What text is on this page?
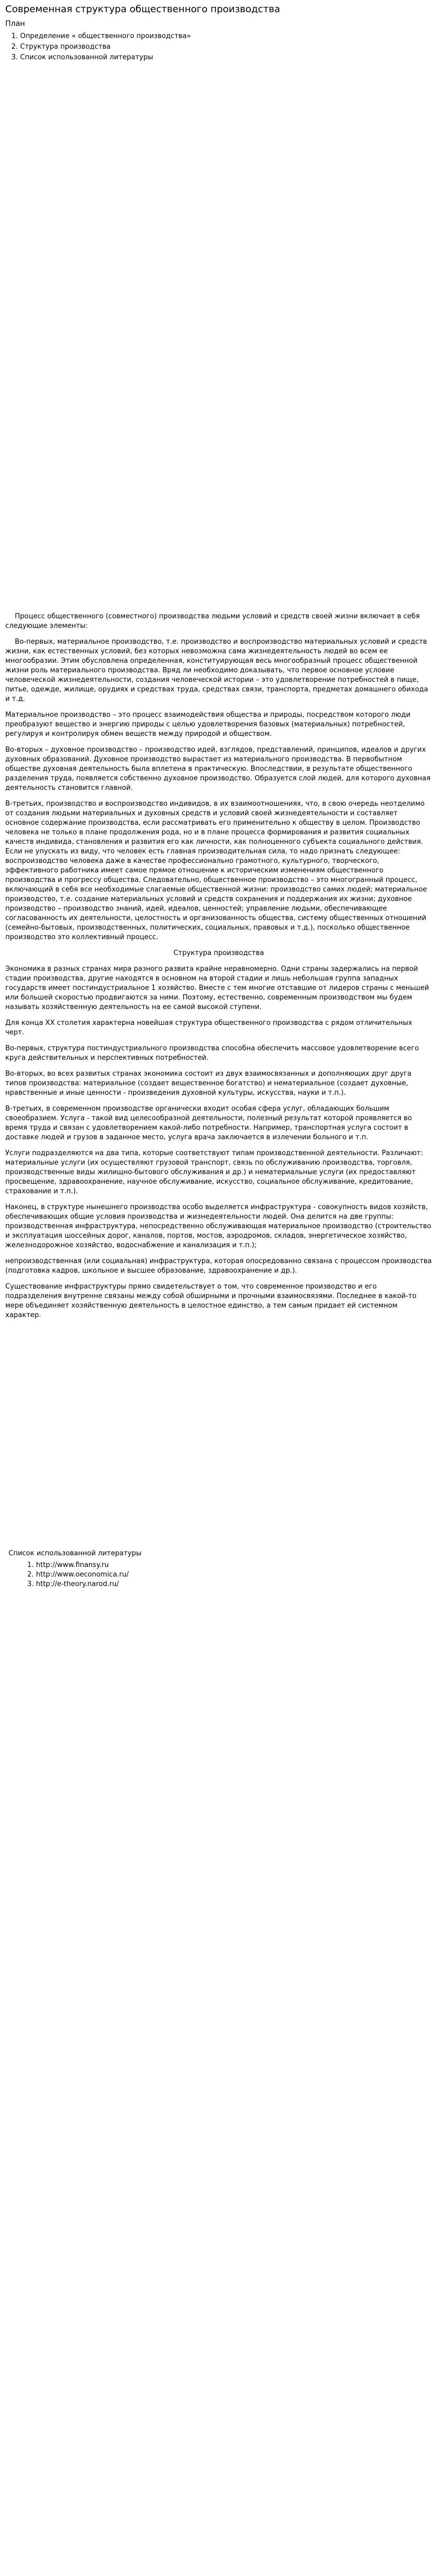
Современная структура общественного производства
План
1. Определение « общественного производства»
2. Структура производства
3. Список использованной литературы

Процесс общественного (совместного) производства людьми условий и средств своей жизни включает в себя следующие элементы:

Во-первых, материальное производство, т.е. производство и воспроизводство материальных условий и средств жизни, как естественных условий, без которых невозможна сама жизнедеятельность людей во всем ее многообразии. Этим обусловлена определенная, конституирующая весь многообразный процесс общественной жизни роль материального производства. Вряд ли необходимо доказывать, что первое основное условие человеческой жизнедеятельности, создания человеческой истории – это удовлетворение потребностей в пище, питье, одежде, жилище, орудиях и средствах труда, средствах связи, транспорта, предметах домашнего обихода и т.д.

Материальное производство – это процесс взаимодействия общества и природы, посредством которого люди преобразуют вещество и энергию природы с целью удовлетворения базовых (материальных) потребностей, регулируя и контролируя обмен веществ между природой и обществом.

Во-вторых – духовное производство – производство идей, взглядов, представлений, принципов, идеалов и других духовных образований. Духовное производство вырастает из материального производства. В первобытном обществе духовная деятельность была вплетена в практическую. Впоследствии, в результате общественного разделения труда, появляется собственно духовное производство. Образуется слой людей, для которого духовная деятельность становится главной.

В-третьих, производство и воспроизводство индивидов, в их взаимоотношениях, что, в свою очередь неотделимо от создания людьми материальных и духовных средств и условий своей жизнедеятельности и составляет основное содержание производства, если рассматривать его применительно к обществу в целом. Производство человека не только в плане продолжения рода, но и в плане процесса формирования и развития социальных качеств индивида, становления и развития его как личности, как полноценного субъекта социального действия. Если не упускать из виду, что человек есть главная производительная сила, то надо признать следующее: воспроизводство человека даже в качестве профессионально грамотного, культурного, творческого, эффективного работника имеет самое прямое отношение к историческим изменениям общественного производства и прогрессу общества. Следовательно, общественное производство – это многогранный процесс, включающий в себя все необходимые слагаемые общественной жизни: производство самих людей; материальное производство, т.е. создание материальных условий и средств сохранения и поддержания их жизни; духовное производство – производство знаний, идей, идеалов, ценностей; управление людьми, обеспечивающее согласованность их деятельности, целостность и организованность общества, систему общественных отношений (семейно-бытовых, производственных, политических, социальных, правовых и т.д.), посколько общественное производство это коллективный процесс.

Структура производства

Экономика в разных странах мира разного развита крайне неравномерно. Одни страны задержались на первой стадии производства, другие находятся в основном на второй стадии и лишь небольшая группа западных государств имеет постиндустриальное 1 хозяйство. Вместе с тем многие отставшие от лидеров страны с меньшей или большей скоростью продвигаются за ними. Поэтому, естественно, современным производством мы будем называть хозяйственную деятельность на ее самой высокой ступени.

Для конца ХХ столетия характерна новейшая структура общественного производства с рядом отличительных черт.

Во-первых, структура постиндустриального производства способна обеспечить массовое удовлетворение всего круга действительных и перспективных потребностей.

Во-вторых, во всех развитых странах экономика состоит из двух взаимосвязанных и дополняющих друг друга типов производства: материальное (создает вещественное богатство) и нематериальное (создает духовные, нравственные и иные ценности - произведения духовной культуры, искусства, науки и т.п.).

В-третьих, в современном производстве органически входит особая сфера услуг, обладающих большим своеобразием. Услуга - такой вид целесообразной деятельности, полезный результат которой проявляется во время труда и связан с удовлетворением какой-либо потребности. Например, транспортная услуга состоит в доставке людей и грузов в заданное место, услуга врача заключается в излечении больного и т.п.

Услуги подразделяются на два типа, которые соответствуют типам производственной деятельности. Различают: материальные услуги (их осуществляют грузовой транспорт, связь по обслуживанию производства, торговля, производственные виды жилищно-бытового обслуживания и др.) и нематериальные услуги (их предоставляют просвещение, здравоохранение, научное обслуживание, искусство, социальное обслуживание, кредитование, страхование и т.п.).

Наконец, в структуре нынешнего производства особо выделяется инфраструктура - совокупность видов хозяйств, обеспечивающих общие условия производства и жизнедеятельности людей. Она делится на две группы: производственная инфраструктура, непосредственно обслуживающая материальное производство (строительство и эксплуатация шоссейных дорог, каналов, портов, мостов, аэродромов, складов, энергетическое хозяйство, железнодорожное хозяйство, водоснабжение и канализация и т.п.);

непроизводственная (или социальная) инфраструктура, которая опосредованно связана с процессом производства (подготовка кадров, школьное и высшее образование, здравоохранение и др.).

Существование инфраструктуры прямо свидетельствует о том, что современное производство и его подразделения внутренне связаны между собой обширными и прочными взаимосвязями. Последнее в какой-то мере объединяет хозяйственную деятельность в целостное единство, а тем самым придает ей системном характер.

Список использованной литературы
1. http://www.finansy.ru
2. http://www.oeconomica.ru/
3. http://e-theory.narod.ru/
